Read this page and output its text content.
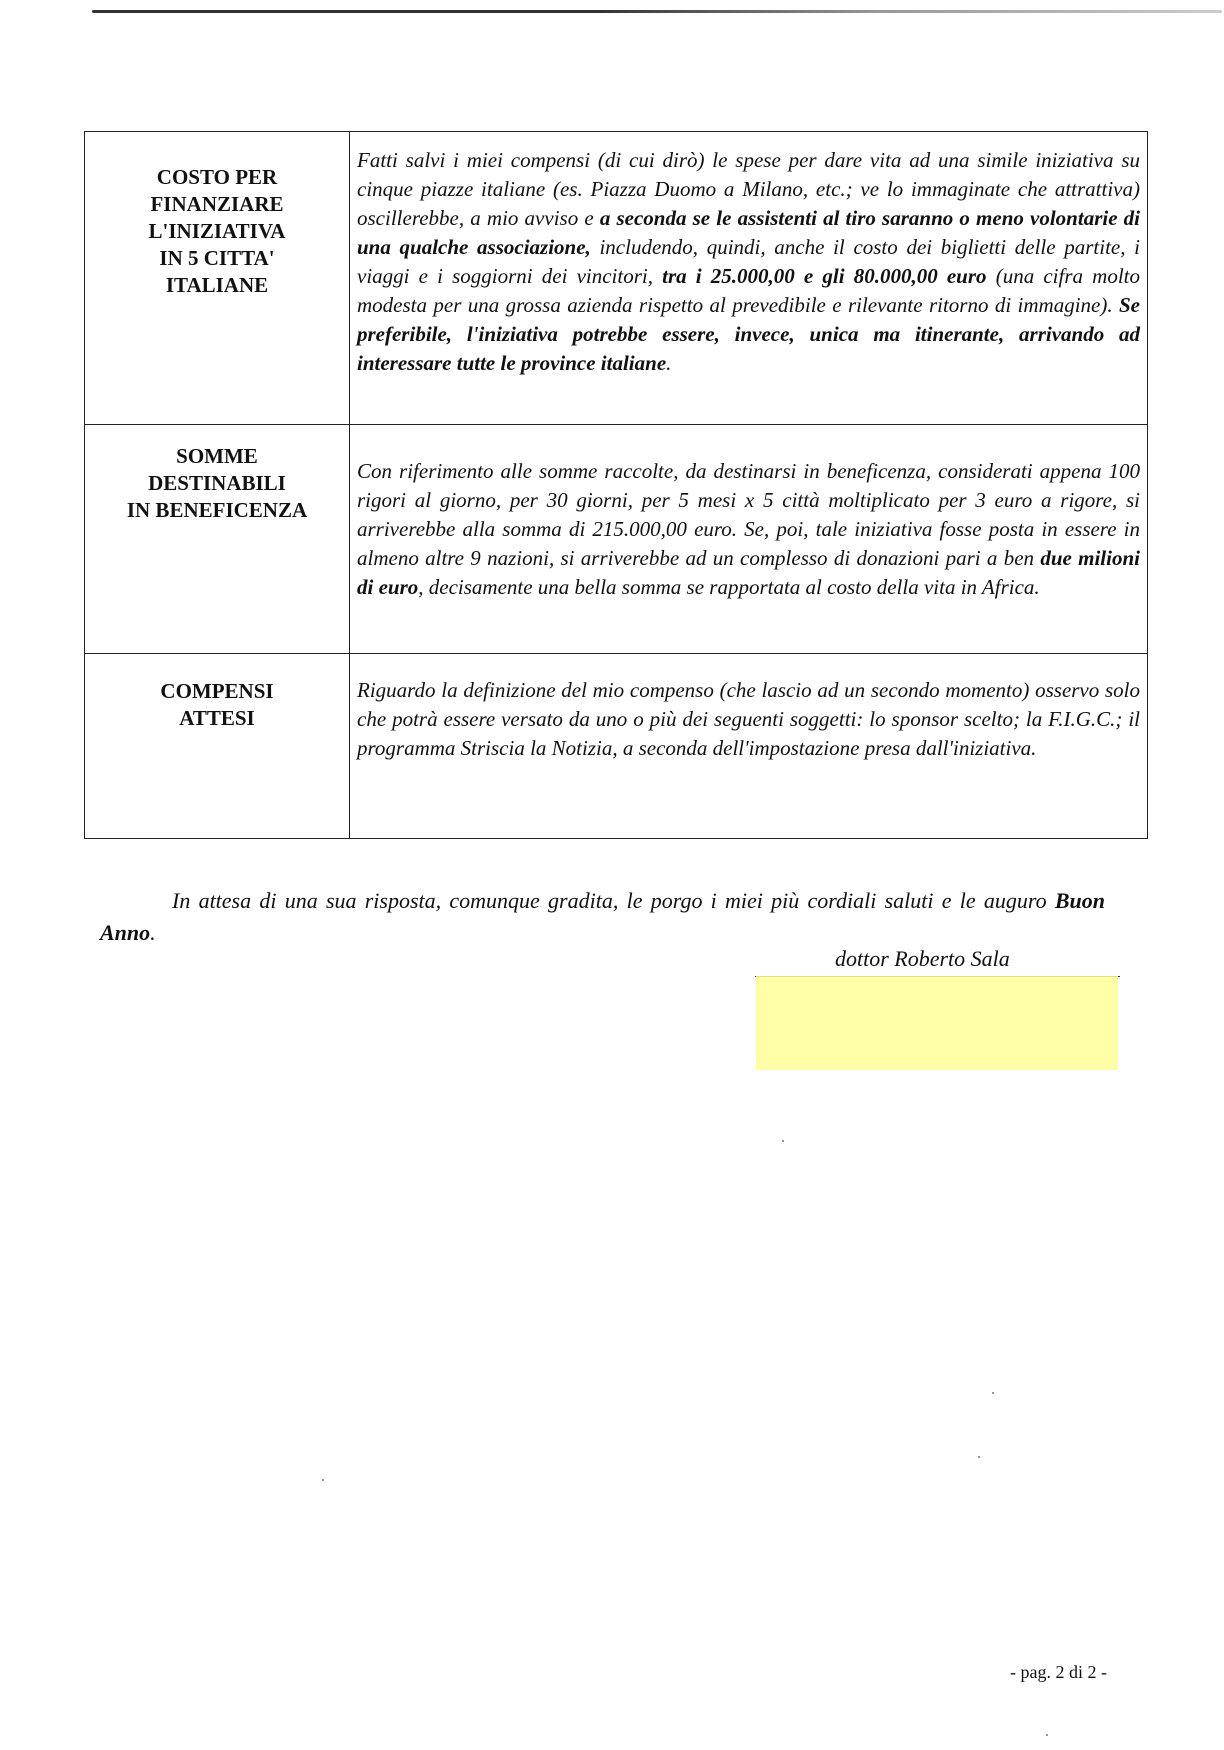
COSTO PER
FINANZIARE
L'INIZIATIVA
IN 5 CITTA'
ITALIANE
Fatti salvi i miei compensi (di cui dirò) le spese per dare vita ad una simile iniziativa su cinque piazze italiane (es. Piazza Duomo a Milano, etc.; ve lo immaginate che attrattiva) oscillerebbe, a mio avviso e a seconda se le assistenti al tiro saranno o meno volontarie di una qualche associazione, includendo, quindi, anche il costo dei biglietti delle partite, i viaggi e i soggiorni dei vincitori, tra i 25.000,00 e gli 80.000,00 euro (una cifra molto modesta per una grossa azienda rispetto al prevedibile e rilevante ritorno di immagine). Se preferibile, l'iniziativa potrebbe essere, invece, unica ma itinerante, arrivando ad interessare tutte le province italiane.
SOMME
DESTINABILI
IN BENEFICENZA
Con riferimento alle somme raccolte, da destinarsi in beneficenza, considerati appena 100 rigori al giorno, per 30 giorni, per 5 mesi x 5 città moltiplicato per 3 euro a rigore, si arriverebbe alla somma di 215.000,00 euro. Se, poi, tale iniziativa fosse posta in essere in almeno altre 9 nazioni, si arriverebbe ad un complesso di donazioni pari a ben due milioni di euro, decisamente una bella somma se rapportata al costo della vita in Africa.
COMPENSI
ATTESI
Riguardo la definizione del mio compenso (che lascio ad un secondo momento) osservo solo che potrà essere versato da uno o più dei seguenti soggetti: lo sponsor scelto; la F.I.G.C.; il programma Striscia la Notizia, a seconda dell'impostazione presa dall'iniziativa.
In attesa di una sua risposta, comunque gradita, le porgo i miei più cordiali saluti e le auguro Buon Anno.
dottor Roberto Sala
- pag. 2 di 2 -
